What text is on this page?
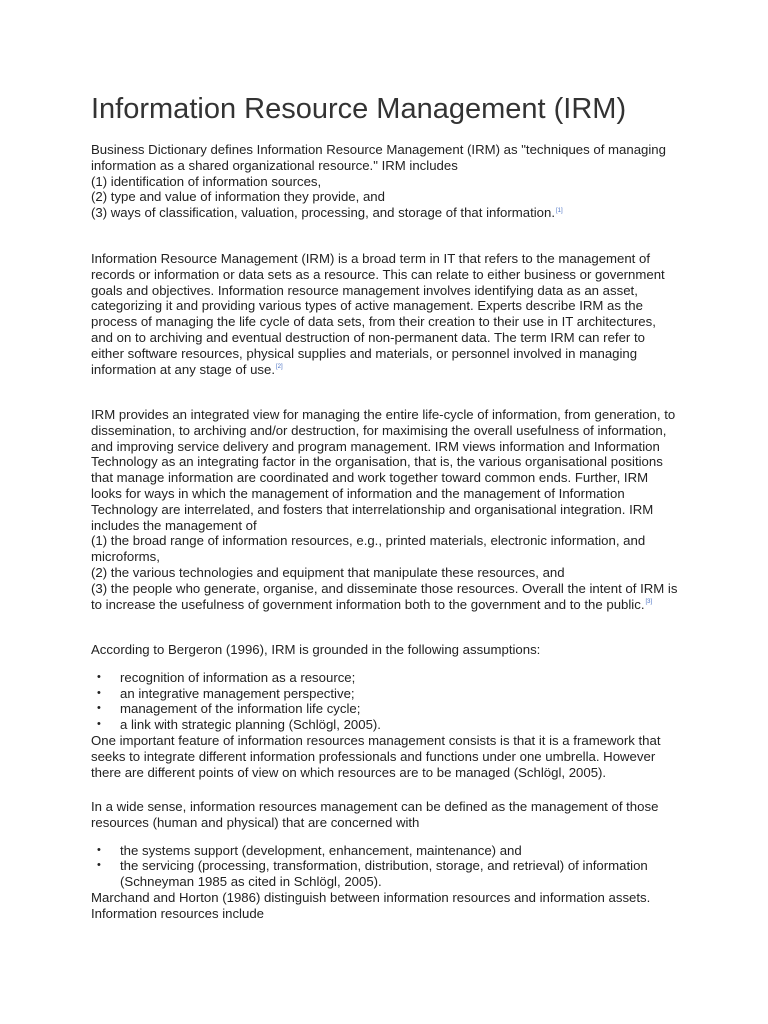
Information Resource Management (IRM)
Business Dictionary defines Information Resource Management (IRM) as "techniques of managing
information as a shared organizational resource." IRM includes
(1) identification of information sources,
(2) type and value of information they provide, and
(3) ways of classification, valuation, processing, and storage of that information.[1]
Information Resource Management (IRM) is a broad term in IT that refers to the management of
records or information or data sets as a resource. This can relate to either business or government
goals and objectives. Information resource management involves identifying data as an asset,
categorizing it and providing various types of active management. Experts describe IRM as the
process of managing the life cycle of data sets, from their creation to their use in IT architectures,
and on to archiving and eventual destruction of non-permanent data. The term IRM can refer to
either software resources, physical supplies and materials, or personnel involved in managing
information at any stage of use.[2]
IRM provides an integrated view for managing the entire life-cycle of information, from generation, to
dissemination, to archiving and/or destruction, for maximising the overall usefulness of information,
and improving service delivery and program management. IRM views information and Information
Technology as an integrating factor in the organisation, that is, the various organisational positions
that manage information are coordinated and work together toward common ends. Further, IRM
looks for ways in which the management of information and the management of Information
Technology are interrelated, and fosters that interrelationship and organisational integration. IRM
includes the management of
(1) the broad range of information resources, e.g., printed materials, electronic information, and
microforms,
(2) the various technologies and equipment that manipulate these resources, and
(3) the people who generate, organise, and disseminate those resources. Overall the intent of IRM is
to increase the usefulness of government information both to the government and to the public.[3]
According to Bergeron (1996), IRM is grounded in the following assumptions:
• recognition of information as a resource;
• an integrative management perspective;
• management of the information life cycle;
• a link with strategic planning (Schlögl, 2005).
One important feature of information resources management consists is that it is a framework that
seeks to integrate different information professionals and functions under one umbrella. However
there are different points of view on which resources are to be managed (Schlögl, 2005).
In a wide sense, information resources management can be defined as the management of those
resources (human and physical) that are concerned with
• the systems support (development, enhancement, maintenance) and
• the servicing (processing, transformation, distribution, storage, and retrieval) of information
(Schneyman 1985 as cited in Schlögl, 2005).
Marchand and Horton (1986) distinguish between information resources and information assets.
Information resources include
